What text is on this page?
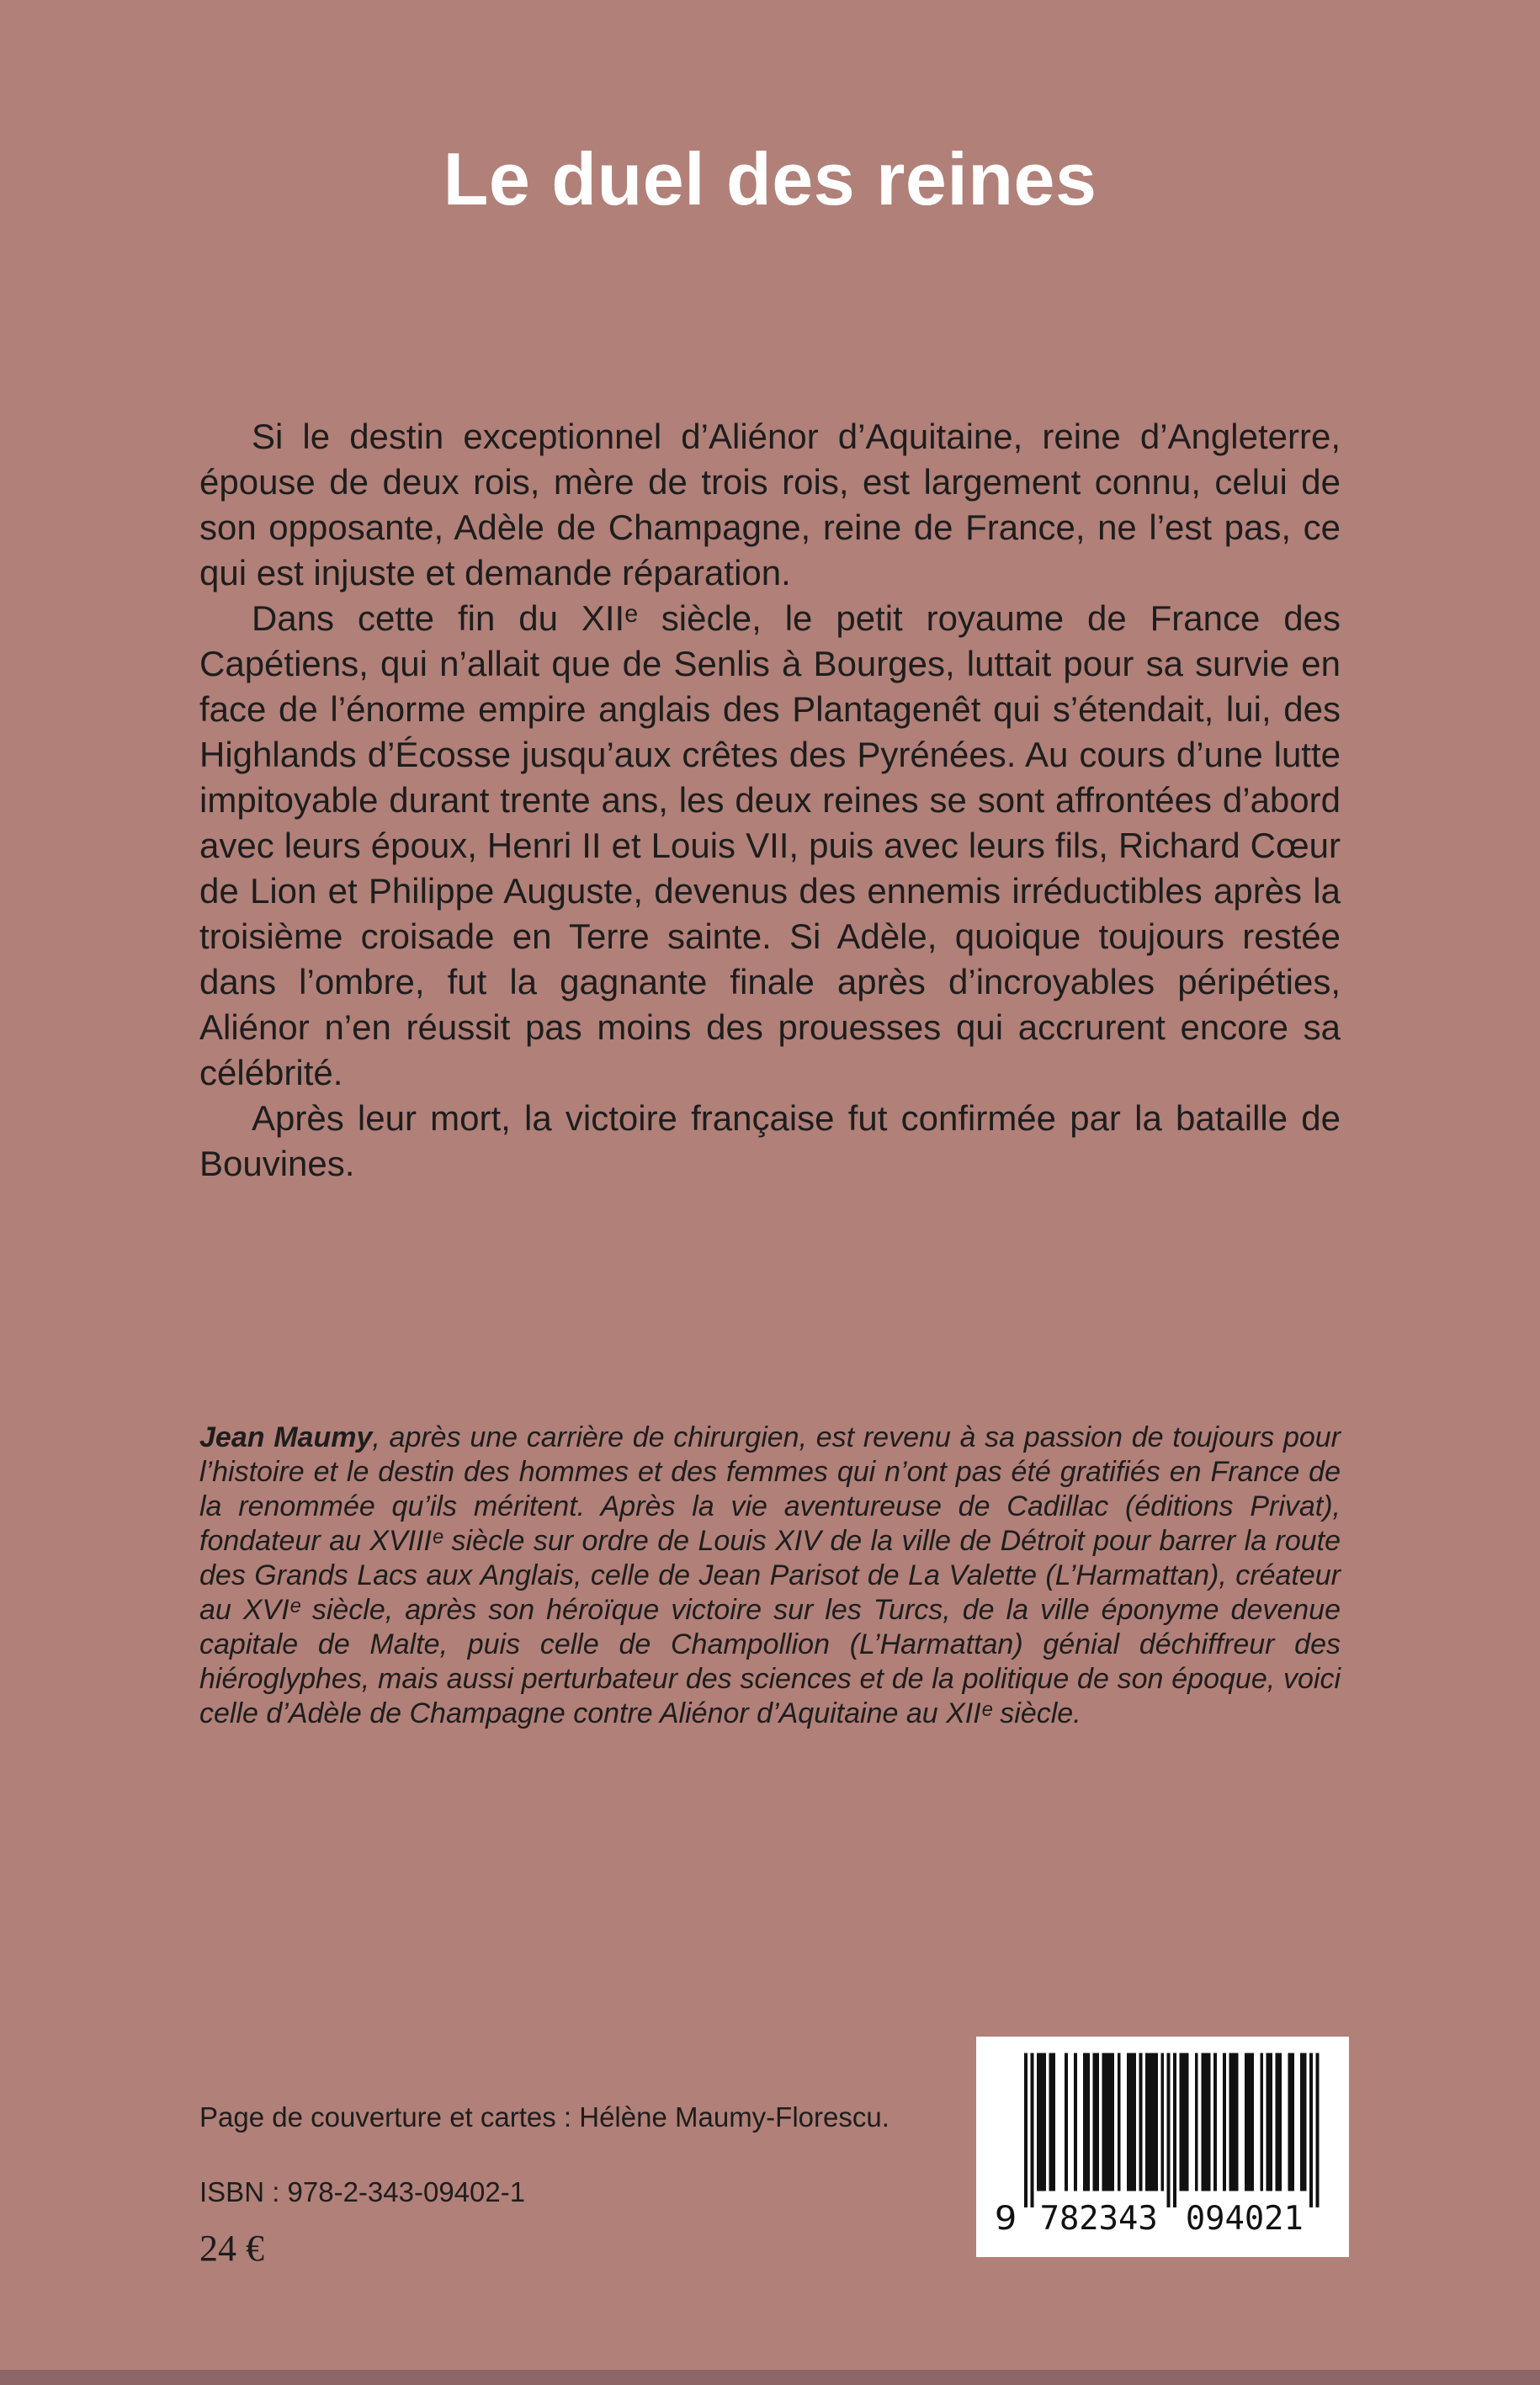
Le duel des reines

Si le destin exceptionnel d’Aliénor d’Aquitaine, reine d’Angleterre, épouse de deux rois, mère de trois rois, est largement connu, celui de son opposante, Adèle de Champagne, reine de France, ne l’est pas, ce qui est injuste et demande réparation.

Dans cette fin du XIIᵉ siècle, le petit royaume de France des Capétiens, qui n’allait que de Senlis à Bourges, luttait pour sa survie en face de l’énorme empire anglais des Plantagenêt qui s’étendait, lui, des Highlands d’Écosse jusqu’aux crêtes des Pyrénées. Au cours d’une lutte impitoyable durant trente ans, les deux reines se sont affrontées d’abord avec leurs époux, Henri II et Louis VII, puis avec leurs fils, Richard Cœur de Lion et Philippe Auguste, devenus des ennemis irréductibles après la troisième croisade en Terre sainte. Si Adèle, quoique toujours restée dans l’ombre, fut la gagnante finale après d’incroyables péripéties, Aliénor n’en réussit pas moins des prouesses qui accrurent encore sa célébrité.

Après leur mort, la victoire française fut confirmée par la bataille de Bouvines.

Jean Maumy, après une carrière de chirurgien, est revenu à sa passion de toujours pour l’histoire et le destin des hommes et des femmes qui n’ont pas été gratifiés en France de la renommée qu’ils méritent. Après la vie aventureuse de Cadillac (éditions Privat), fondateur au XVIIIᵉ siècle sur ordre de Louis XIV de la ville de Détroit pour barrer la route des Grands Lacs aux Anglais, celle de Jean Parisot de La Valette (L’Harmattan), créateur au XVIᵉ siècle, après son héroïque victoire sur les Turcs, de la ville éponyme devenue capitale de Malte, puis celle de Champollion (L’Harmattan) génial déchiffreur des hiéroglyphes, mais aussi perturbateur des sciences et de la politique de son époque, voici celle d’Adèle de Champagne contre Aliénor d’Aquitaine au XIIᵉ siècle.
Page de couverture et cartes : Hélène Maumy-Florescu.
ISBN : 978-2-343-09402-1
24 €
9 782343	094021
